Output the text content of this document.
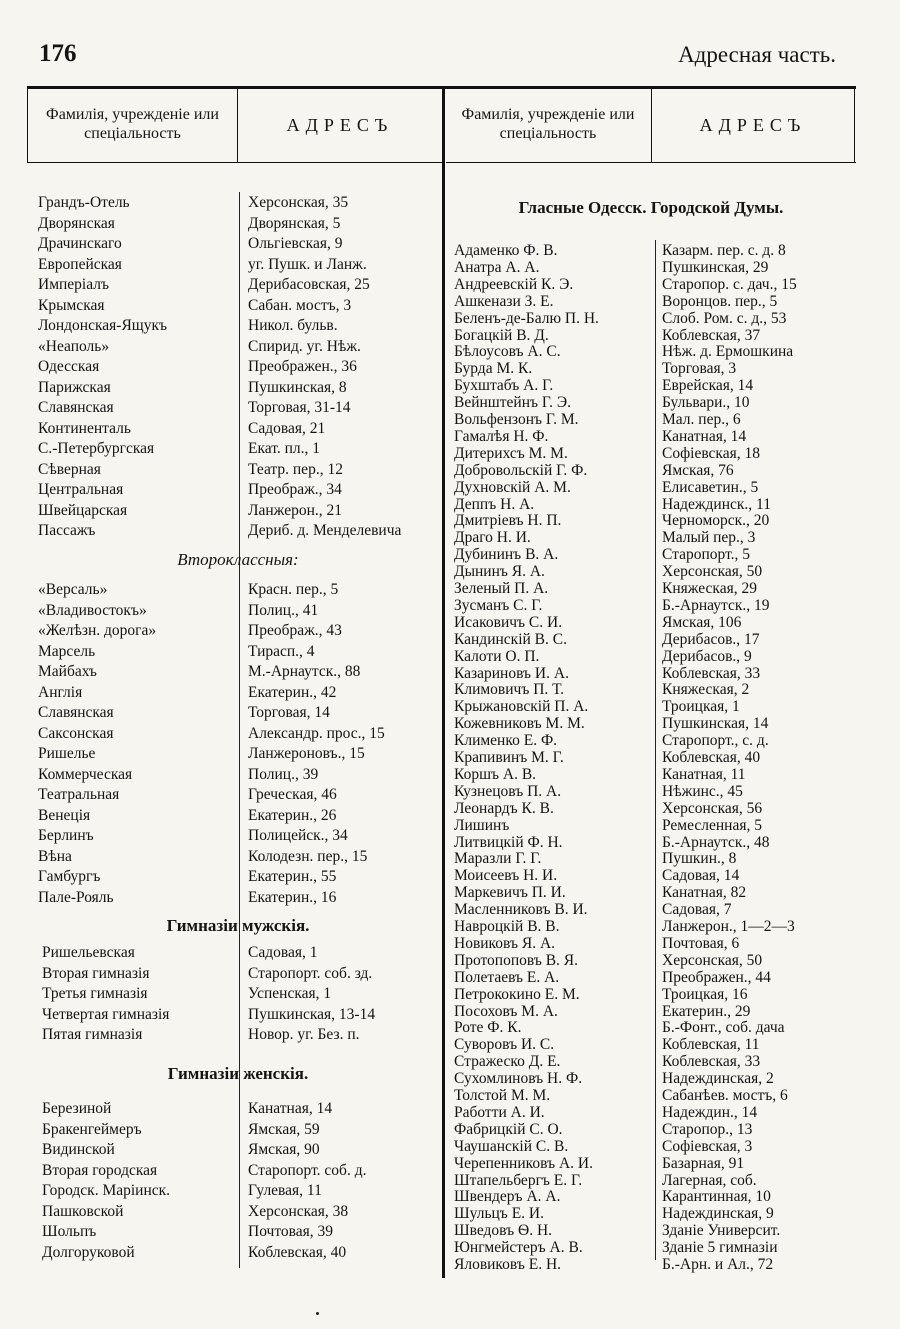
176	Адресная часть.
Фамилія, учрежденіе или спеціальность	АДРЕСЪ
Фамилія, учрежденіе или спеціальность	АДРЕСЪ
Грандъ-Отель	Херсонская, 35
Дворянская	Дворянская, 5
Драчинскаго	Ольгіевская, 9
Европейская	уг. Пушк. и Ланж.
Импеpіалъ	Дерибасовская, 25
Крымская	Сабан. мостъ, 3
Лондонская-Ящукъ	Никол. бульв.
«Неаполь»	Спирид. уг. Нѣж.
Одесская	Преображен., 36
Парижская	Пушкинская, 8
Славянская	Торговая, 31-14
Континенталь	Садовая, 21
С.-Петербургская	Екат. пл., 1
Сѣверная	Театр. пер., 12
Центральная	Преображ., 34
Швейцарская	Ланжерон., 21
Пассажъ	Дериб. д. Менделевича
Второклассныя:
«Версаль»	Красн. пер., 5
«Владивостокъ»	Полиц., 41
«Желѣзн. дорога»	Преображ., 43
Марсель	Тирасп., 4
Майбахъ	М.-Арнаутск., 88
Англія	Екатерин., 42
Славянская	Торговая, 14
Саксонская	Александр. прос., 15
Ришелье	Ланжероновъ., 15
Коммерческая	Полиц., 39
Театральная	Греческая, 46
Венеція	Екатерин., 26
Берлинъ	Полицейск., 34
Вѣна	Колодезн. пер., 15
Гамбургъ	Екатерин., 55
Пале-Рояль	Екатерин., 16
Гимназіи мужскія.
Ришельевская	Садовая, 1
Вторая гимназія	Старопорт. соб. зд.
Третья гимназія	Успенская, 1
Четвертая гимназія	Пушкинская, 13-14
Пятая гимназія	Новор. уг. Без. п.
Гимназіи женскія.
Березиной	Канатная, 14
Бракенгеймеръ	Ямская, 59
Видинской	Ямская, 90
Вторая городская	Старопорт. соб. д.
Городск. Маріинск.	Гулевая, 11
Пашковской	Херсонская, 38
Шольпъ	Почтовая, 39
Долгоруковой	Коблевская, 40
Гласные Одесск. Городской Думы.
Адаменко Ф. В.	Казарм. пер. с. д. 8
Анатра А. А.	Пушкинская, 29
Андреевскій К. Э.	Старопор. с. дач., 15
Ашкенази З. Е.	Воронцов. пер., 5
Беленъ-де-Балю П. Н.	Слоб. Ром. с. д., 53
Богацкій В. Д.	Коблевская, 37
Бѣлоусовъ А. С.	Нѣж. д. Ермошкина
Бурда М. К.	Торговая, 3
Бухштабъ А. Г.	Еврейская, 14
Вейнштейнъ Г. Э.	Бульвари., 10
Вольфензонъ Г. М.	Мал. пер., 6
Гамалѣя Н. Ф.	Канатная, 14
Дитерихсъ М. М.	Софіевская, 18
Добровольскій Г. Ф.	Ямская, 76
Духновскій А. М.	Елисаветин., 5
Деппъ Н. А.	Надеждинск., 11
Дмитріевъ Н. П.	Черноморск., 20
Драго Н. И.	Малый пер., 3
Дубининъ В. А.	Старопорт., 5
Дынинъ Я. А.	Херсонская, 50
Зеленый П. А.	Княжеская, 29
Зусманъ С. Г.	Б.-Арнаутск., 19
Исаковичъ С. И.	Ямская, 106
Кандинскій В. С.	Дерибасов., 17
Калоти О. П.	Дерибасов., 9
Казариновъ И. А.	Коблевская, 33
Климовичъ П. Т.	Княжеская, 2
Крыжановскій П. А.	Троицкая, 1
Кожевниковъ М. М.	Пушкинская, 14
Клименко Е. Ф.	Старопорт., с. д.
Крапивинъ М. Г.	Коблевская, 40
Коршъ А. В.	Канатная, 11
Кузнецовъ П. А.	Нѣжинс., 45
Леонардъ К. В.	Херсонская, 56
Лишинъ	Ремесленная, 5
Литвицкій Ф. Н.	Б.-Арнаутск., 48
Маразли Г. Г.	Пушкин., 8
Моисеевъ Н. И.	Садовая, 14
Маркевичъ П. И.	Канатная, 82
Масленниковъ В. И.	Садовая, 7
Навроцкій В. В.	Ланжерон., 1—2—3
Новиковъ Я. А.	Почтовая, 6
Протопоповъ В. Я.	Херсонская, 50
Полетаевъ Е. А.	Преображен., 44
Петрококино Е. М.	Троицкая, 16
Посоховъ М. А.	Екатерин., 29
Роте Ф. К.	Б.-Фонт., соб. дача
Суворовъ И. С.	Коблевская, 11
Стражеско Д. Е.	Коблевская, 33
Сухомлиновъ Н. Ф.	Надеждинская, 2
Толстой М. М.	Сабанѣев. мостъ, 6
Работти А. И.	Надеждин., 14
Фабрицкій С. О.	Старопор., 13
Чаушанскій С. В.	Софіевская, 3
Черепенниковъ А. И.	Базарная, 91
Штапельбергъ Е. Г.	Лагерная, соб.
Швендеръ А. А.	Карантинная, 10
Шульцъ Е. И.	Надеждинская, 9
Шведовъ Ѳ. Н.	Зданіе Университ.
Юнгмейстеръ А. В.	Зданіе 5 гимназіи
Яловиковъ Е. Н.	Б.-Арн. и Ал., 72
